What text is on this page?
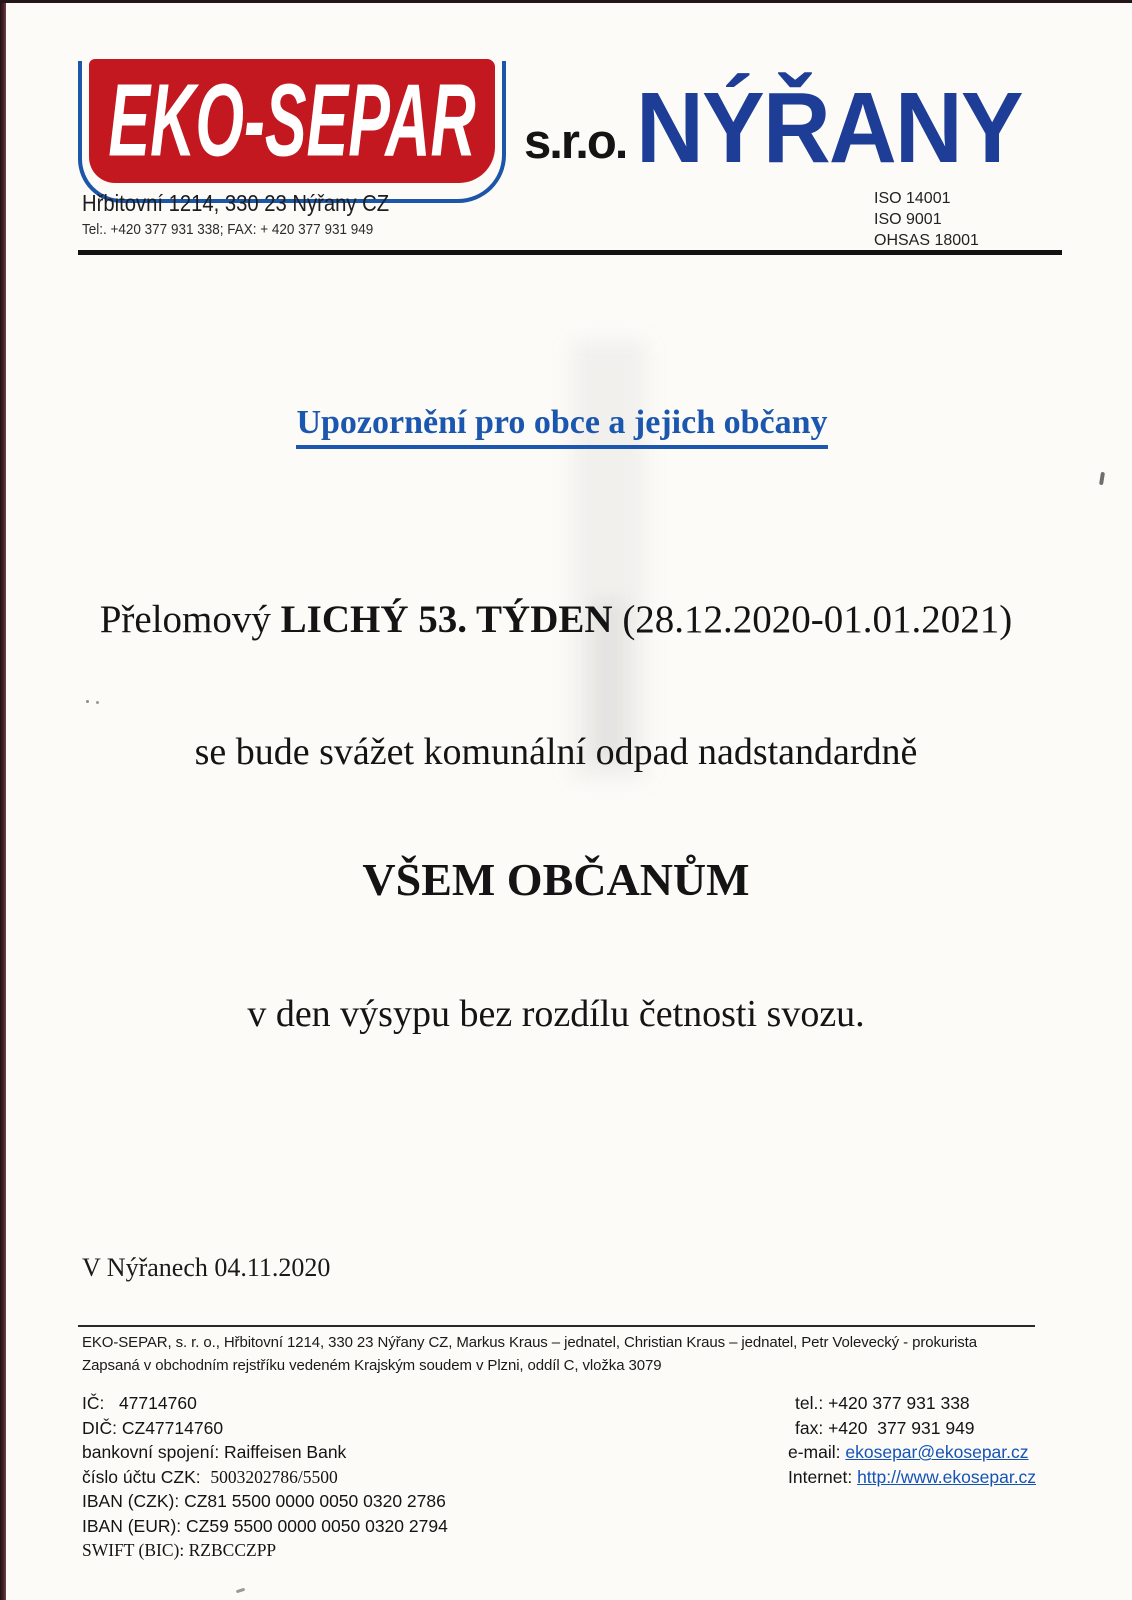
EKO-SEPAR s.r.o. NÝŘANY
Hřbitovní 1214, 330 23 Nýřany CZ
Tel:. +420 377 931 338; FAX: + 420 377 931 949
ISO 14001
ISO 9001
OHSAS 18001
Upozornění pro obce a jejich občany
Přelomový LICHÝ 53. TÝDEN (28.12.2020-01.01.2021)
se bude svážet komunální odpad nadstandardně
VŠEM OBČANŮM
v den výsypu bez rozdílu četnosti svozu.
V Nýřanech 04.11.2020
EKO-SEPAR, s. r. o., Hřbitovní 1214, 330 23 Nýřany CZ, Markus Kraus – jednatel, Christian Kraus – jednatel, Petr Volevecký - prokurista
Zapsaná v obchodním rejstříku vedeném Krajským soudem v Plzni, oddíl C, vložka 3079
IČ:   47714760
DIČ: CZ47714760
bankovní spojení: Raiffeisen Bank
číslo účtu CZK:  5003202786/5500
IBAN (CZK): CZ81 5500 0000 0050 0320 2786
IBAN (EUR): CZ59 5500 0000 0050 0320 2794
SWIFT (BIC): RZBCCZPP
tel.: +420 377 931 338
fax: +420  377 931 949
e-mail: ekosepar@ekosepar.cz
Internet: http://www.ekosepar.cz
